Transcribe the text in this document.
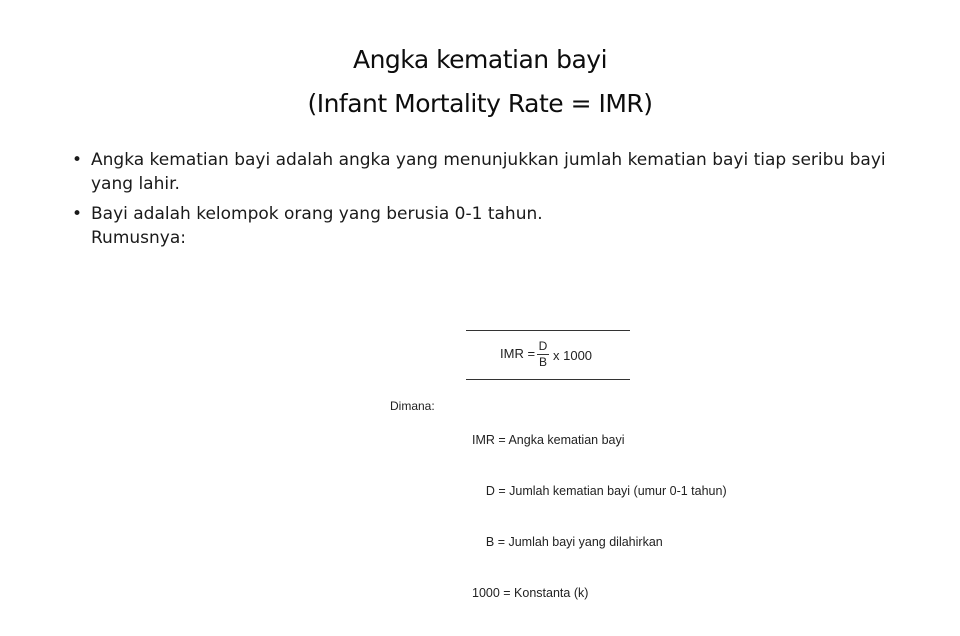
Angka kematian bayi
(Infant Mortality Rate = IMR)
• Angka kematian bayi adalah angka yang menunjukkan jumlah kematian bayi tiap seribu bayi yang lahir.
• Bayi adalah kelompok orang yang berusia 0-1 tahun.
Rumusnya:
IMR = D
B x 1000
Dimana:

IMR = Angka kematian bayi

D = Jumlah kematian bayi (umur 0-1 tahun)

B = Jumlah bayi yang dilahirkan

1000 = Konstanta (k)
